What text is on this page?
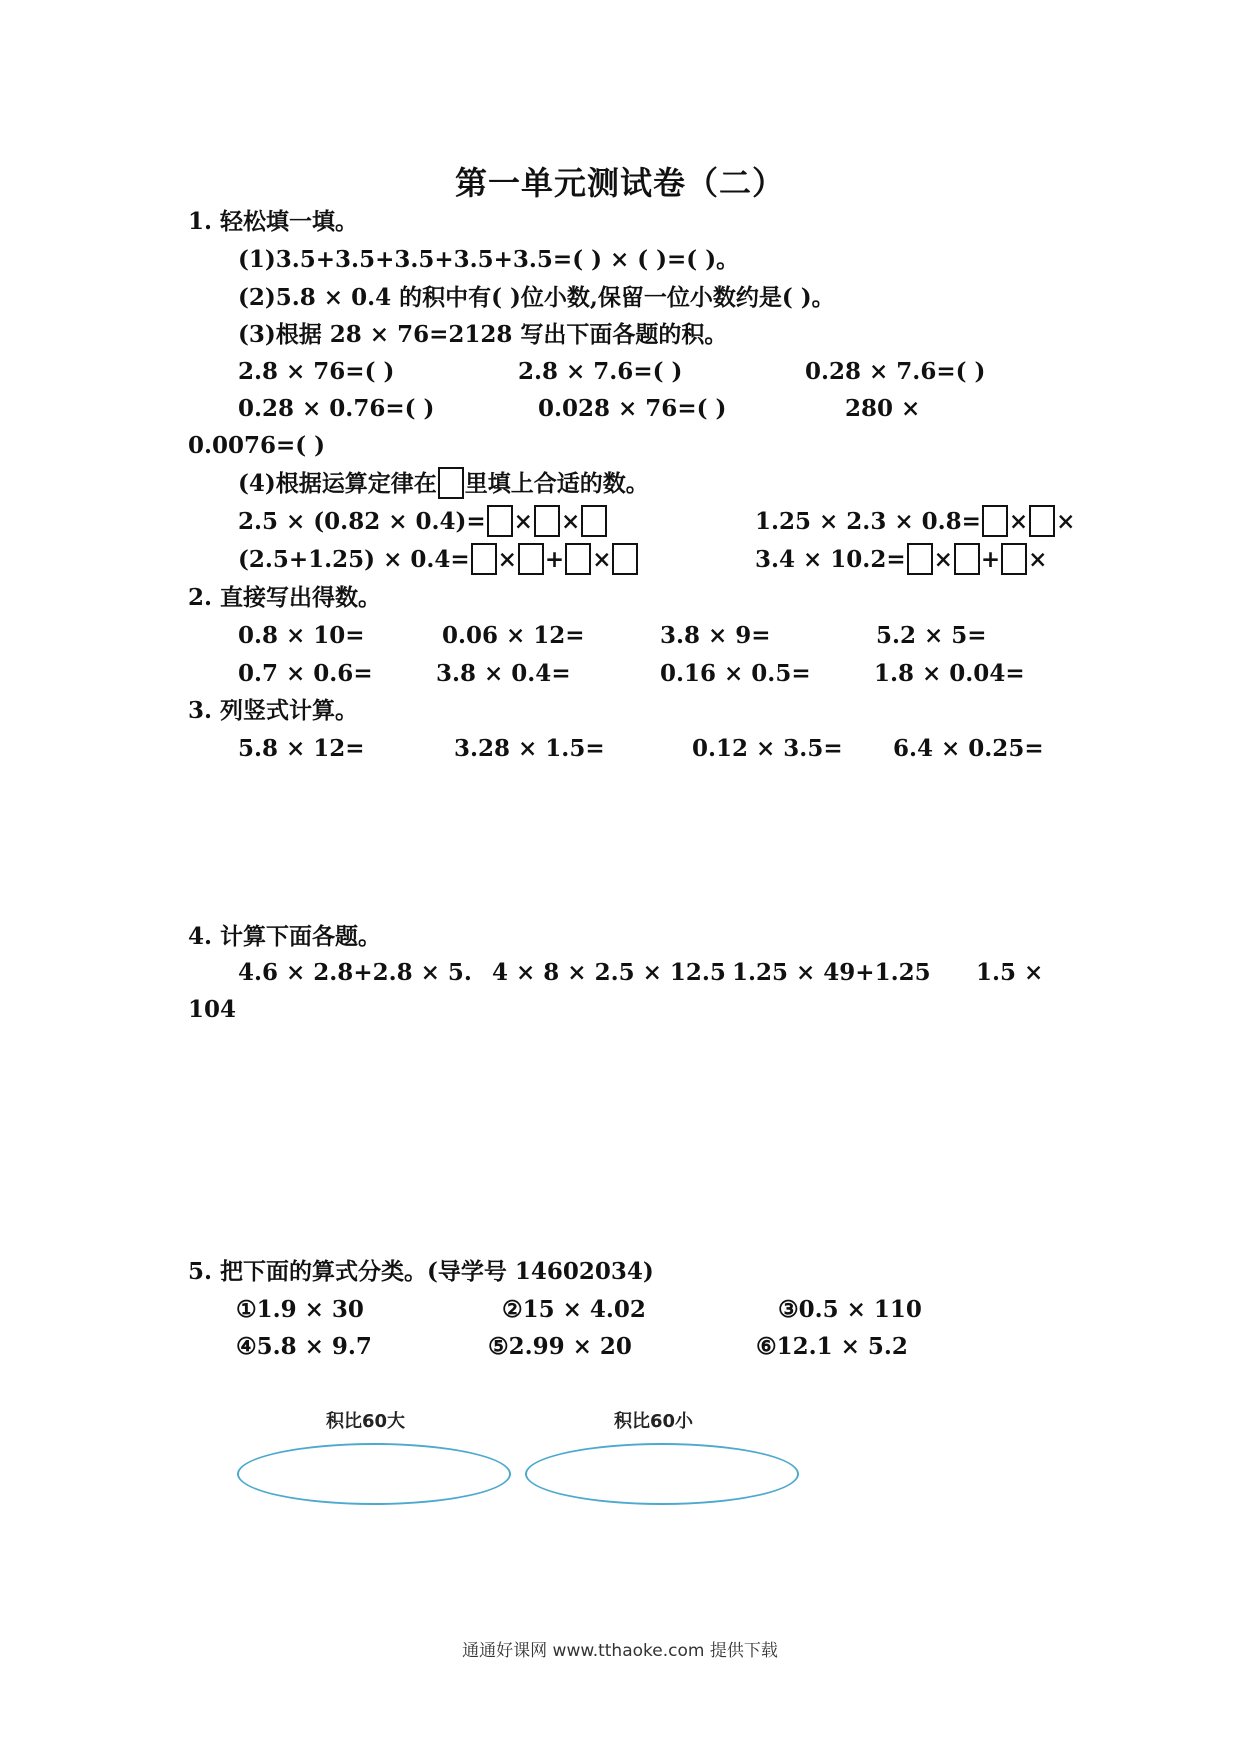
第一单元测试卷（二）
1. 轻松填一填。
(1)3.5+3.5+3.5+3.5+3.5=( ) × ( )=( )。
(2)5.8 × 0.4 的积中有( )位小数,保留一位小数约是( )。
(3)根据 28 × 76=2128 写出下面各题的积。
2.8 × 76=( )	2.8 × 7.6=( )	0.28 × 7.6=( )
0.28 × 0.76=( )	0.028 × 76=( )	280 ×
0.0076=( )
(4)根据运算定律在 里填上合适的数。
2.5 × (0.82 × 0.4)= × ×	1.25 × 2.3 × 0.8= × ×
(2.5+1.25) × 0.4= × + ×	3.4 × 10.2= × + ×
2. 直接写出得数。
0.8 × 10=	0.06 × 12=	3.8 × 9=	5.2 × 5=
0.7 × 0.6=	3.8 × 0.4=	0.16 × 0.5=	1.8 × 0.04=
3. 列竖式计算。
5.8 × 12=	3.28 × 1.5=	0.12 × 3.5= 6.4 × 0.25=
4. 计算下面各题。
4.6 × 2.8+2.8 × 5. 4 × 8 × 2.5 × 12.5 1.25 × 49+1.25 1.5 ×
104
5. 把下面的算式分类。(导学号 14602034)
①1.9 × 30	②15 × 4.02	③0.5 × 110
④5.8 × 9.7	⑤2.99 × 20	⑥12.1 × 5.2
积比60大	积比60小
通通好课网 www.tthaoke.com 提供下载
